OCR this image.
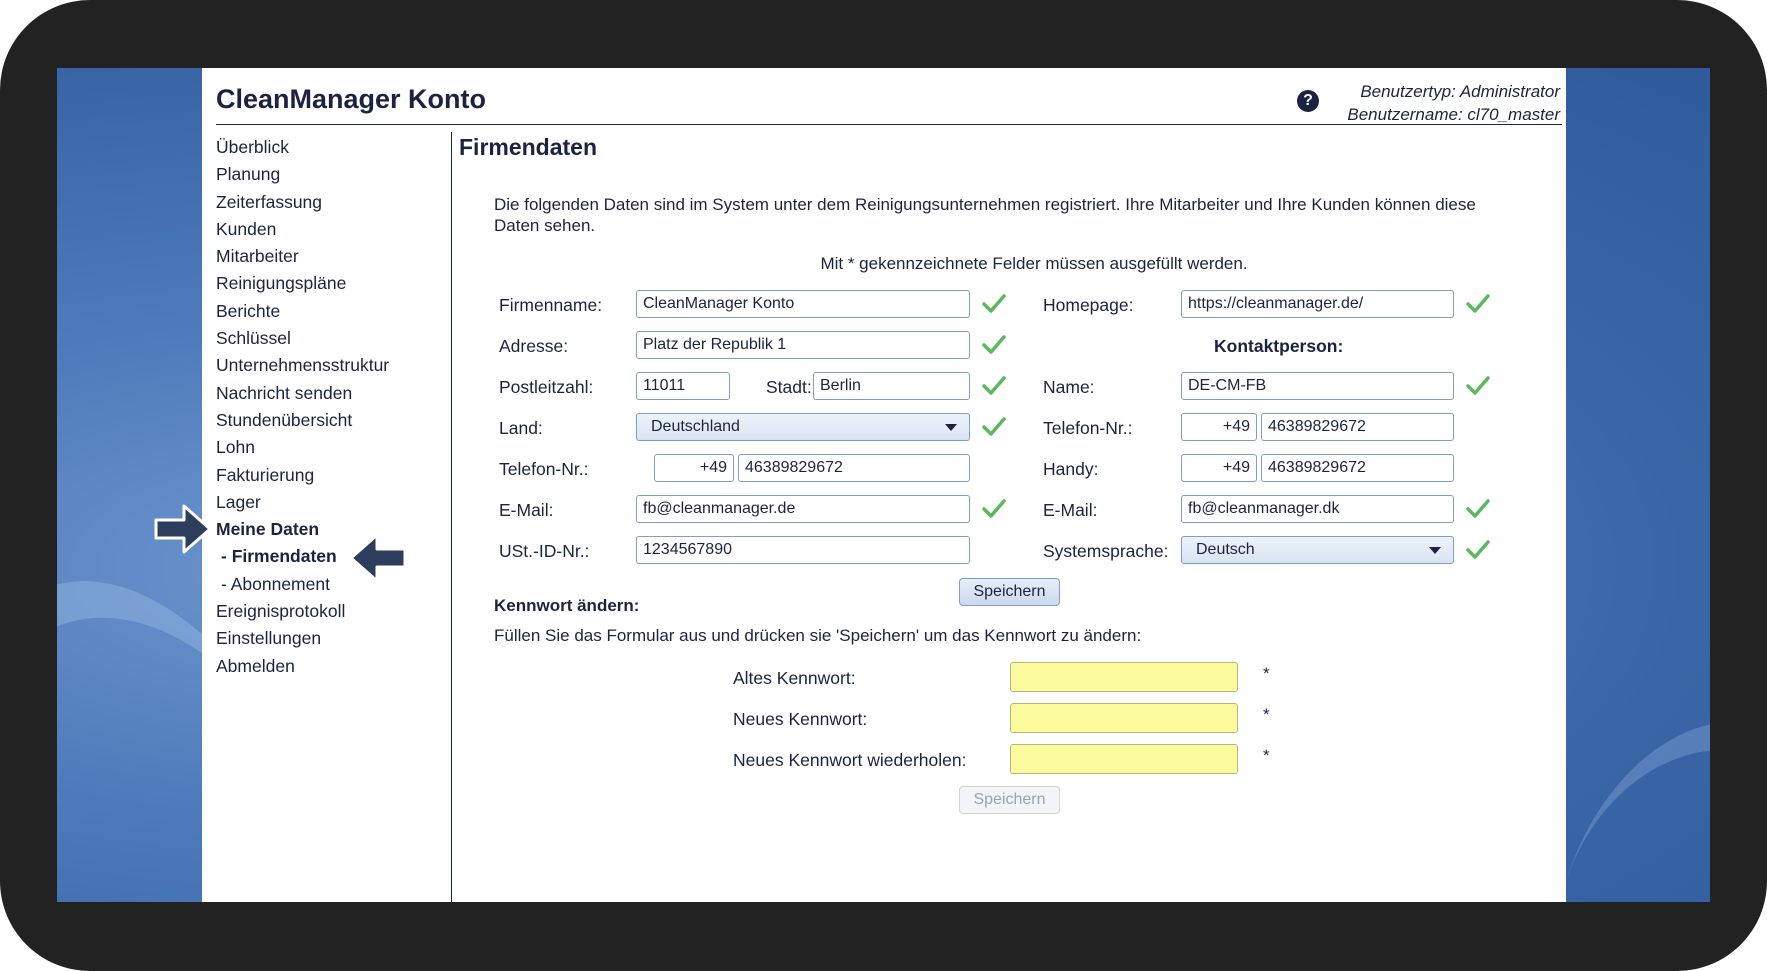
CleanManager Konto	?	Benutzertyp: Administrator
Benutzername: cl70_master
Überblick
Planung
Zeiterfassung
Kunden
Mitarbeiter
Reinigungspläne
Berichte
Schlüssel
Unternehmensstruktur
Nachricht senden
Stundenübersicht
Lohn
Fakturierung
Lager
Meine Daten
- Firmendaten
- Abonnement
Ereignisprotokoll
Einstellungen
Abmelden
Firmendaten
Die folgenden Daten sind im System unter dem Reinigungsunternehmen registriert. Ihre Mitarbeiter und Ihre Kunden können diese Daten sehen.
Mit * gekennzeichnete Felder müssen ausgefüllt werden.
Firmenname:	CleanManager Konto	Homepage:	https://cleanmanager.de/
Adresse:	Platz der Republik 1	Kontaktperson:
Postleitzahl:	11011	Stadt: Berlin	Name:	DE-CM-FB
Land:	Deutschland	Telefon-Nr.:	+49	46389829672
Telefon-Nr.:	+49	46389829672	Handy:	+49	46389829672
E-Mail:	fb@cleanmanager.de	E-Mail:	fb@cleanmanager.dk
USt.-ID-Nr.:	1234567890	Systemsprache:	Deutsch
Speichern
Kennwort ändern:
Füllen Sie das Formular aus und drücken sie 'Speichern' um das Kennwort zu ändern:
Altes Kennwort:	*
Neues Kennwort:	*
Neues Kennwort wiederholen:	*
Speichern
